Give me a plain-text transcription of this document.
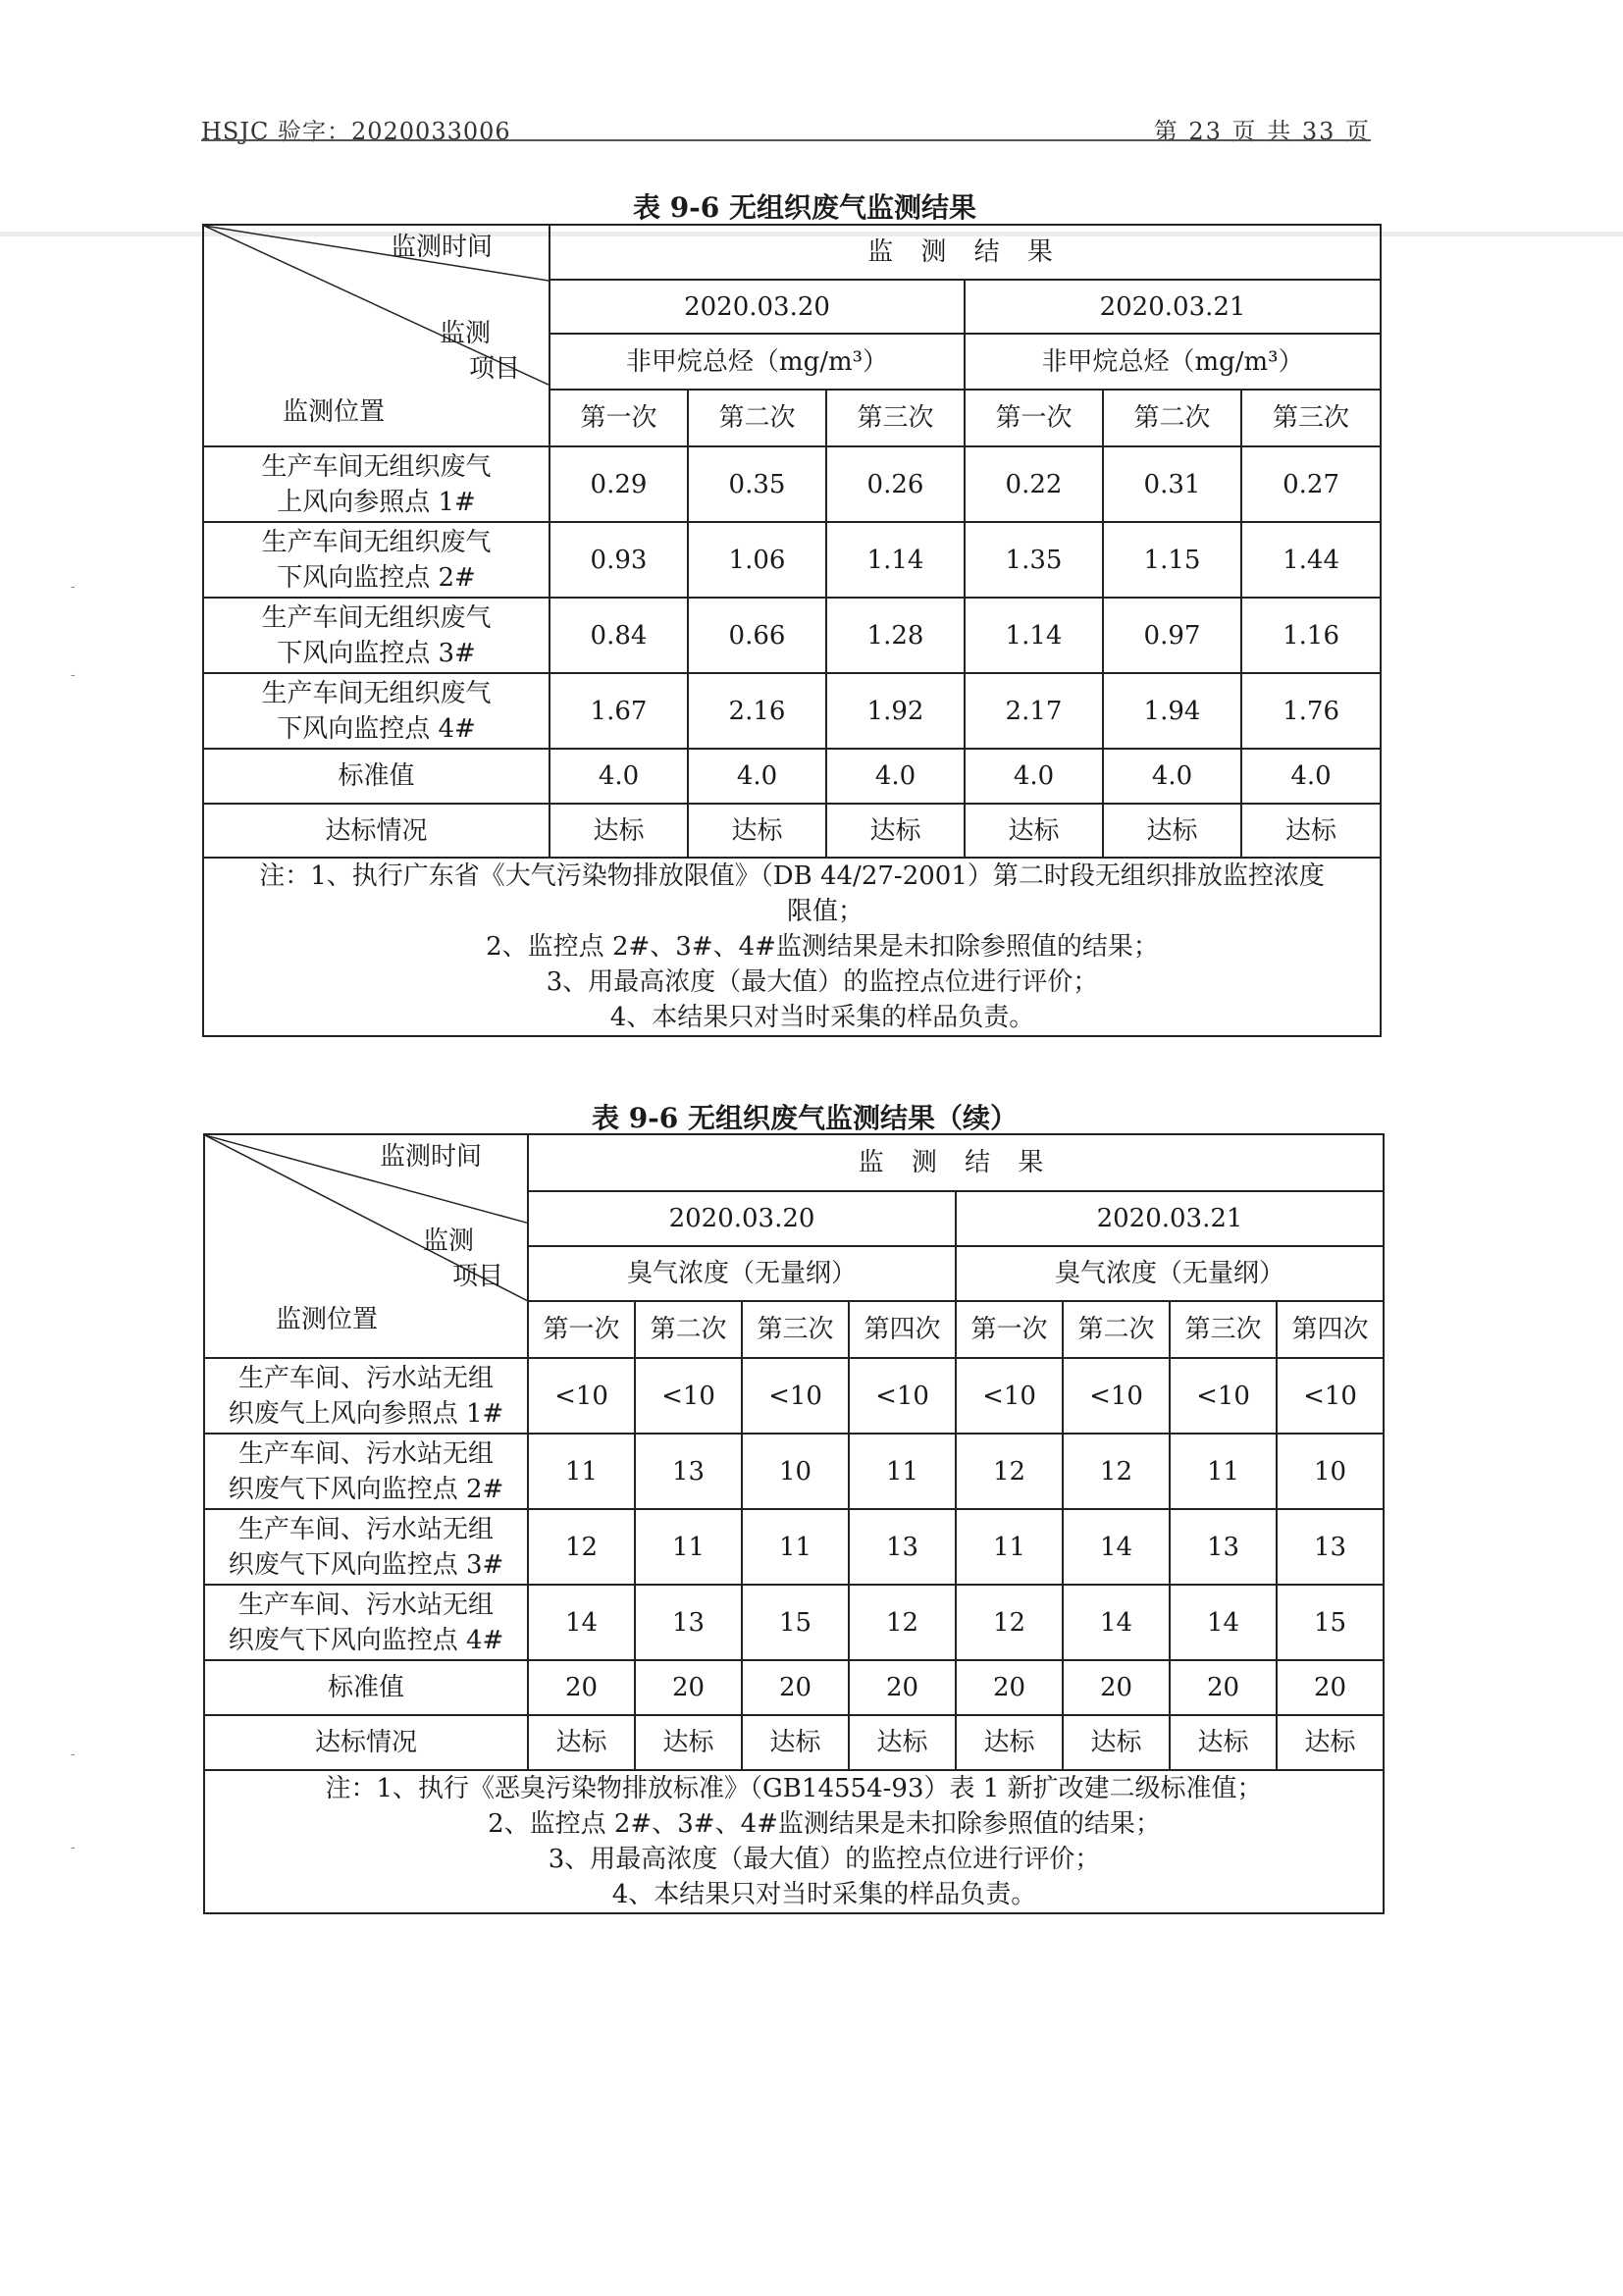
HSJC 验字：2020033006	第 23 页 共 33 页
-
-
-
-
表 9-6 无组织废气监测结果
监测时间
监测
项目
监测位置	监 测 结 果					
	2020.03.20			2020.03.21		
	非甲烷总烃（mg/m³）			非甲烷总烃（mg/m³）		
	第一次	第二次	第三次	第一次	第二次	第三次

生产车间无组织废气
上风向参照点 1#	0.29	0.35	0.26	0.22	0.31	0.27

生产车间无组织废气
下风向监控点 2#	0.93	1.06	1.14	1.35	1.15	1.44

生产车间无组织废气
下风向监控点 3#	0.84	0.66	1.28	1.14	0.97	1.16

生产车间无组织废气
下风向监控点 4#	1.67	2.16	1.92	2.17	1.94	1.76
标准值	4.0	4.0	4.0	4.0	4.0	4.0
达标情况	达标	达标	达标	达标	达标	达标

注：1、执行广东省《大气污染物排放限值》（DB 44/27-2001）第二时段无组织排放监控浓度

限值；

2、监控点 2#、3#、4#监测结果是未扣除参照值的结果；

3、用最高浓度（最大值）的监控点位进行评价；

4、本结果只对当时采集的样品负责。						

表 9-6 无组织废气监测结果（续）
监测时间
监测
项目
监测位置	监 测 结 果							
	2020.03.20				2020.03.21			
	臭气浓度（无量纲）				臭气浓度（无量纲）			
	第一次	第二次	第三次	第四次	第一次	第二次	第三次	第四次

生产车间、污水站无组
织废气上风向参照点 1#	<10	<10	<10	<10	<10	<10	<10	<10

生产车间、污水站无组
织废气下风向监控点 2#	11	13	10	11	12	12	11	10

生产车间、污水站无组
织废气下风向监控点 3#	12	11	11	13	11	14	13	13

生产车间、污水站无组
织废气下风向监控点 4#	14	13	15	12	12	14	14	15
标准值	20	20	20	20	20	20	20	20
达标情况	达标	达标	达标	达标	达标	达标	达标	达标

注：1、执行《恶臭污染物排放标准》（GB14554-93）表 1 新扩改建二级标准值；

2、监控点 2#、3#、4#监测结果是未扣除参照值的结果；

3、用最高浓度（最大值）的监控点位进行评价；

4、本结果只对当时采集的样品负责。								
